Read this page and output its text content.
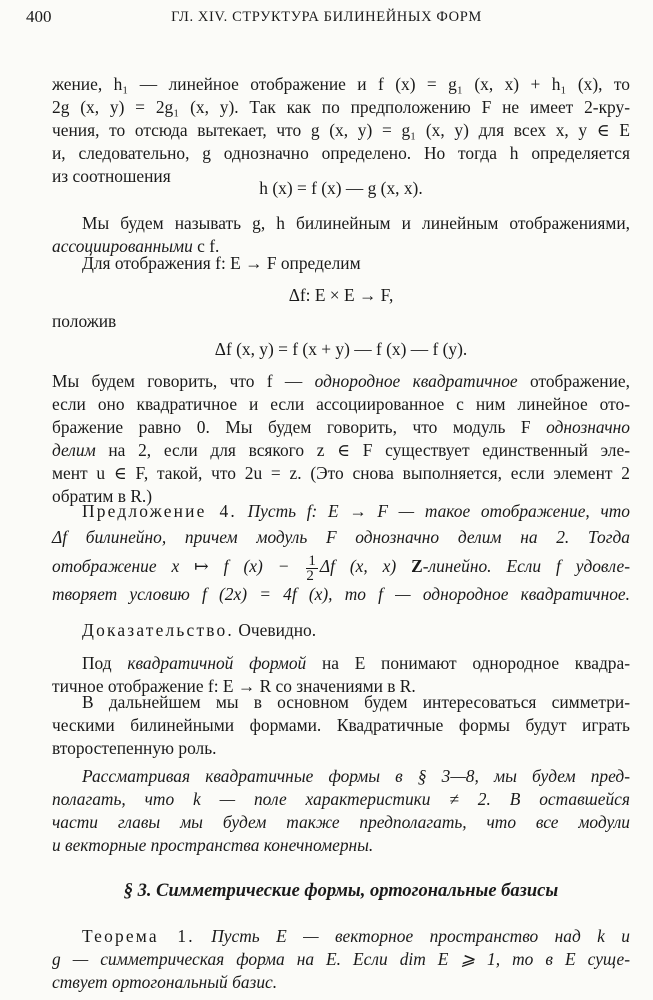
400	ГЛ. XIV. СТРУКТУРА БИЛИНЕЙНЫХ ФОРМ
жение, h₁ — линейное отображение и f (x) = g₁ (x, x) + h₁ (x), то
2g (x, y) = 2g₁ (x, y). Так как по предположению F не имеет 2-кру-
чения, то отсюда вытекает, что g (x, y) = g₁ (x, y) для всех x, y ∈ E
и, следовательно, g однозначно определено. Но тогда h определяется
из соотношения
h (x) = f (x) — g (x, x).
Мы будем называть g, h билинейным и линейным отображениями,
ассоциированными с f.
Для отображения f: E → F определим
Δf: E × E → F,
положив
Δf (x, y) = f (x + y) — f (x) — f (y).
Мы будем говорить, что f — однородное квадратичное отображение,
если оно квадратичное и если ассоциированное с ним линейное ото-
бражение равно 0. Мы будем говорить, что модуль F однозначно
делим на 2, если для всякого z ∈ F существует единственный эле-
мент u ∈ F, такой, что 2u = z. (Это снова выполняется, если элемент 2
обратим в R.)
Предложение 4. Пусть f: E → F — такое отображение, что
Δf билинейно, причем модуль F однозначно делим на 2. Тогда
отображение x ↦ f $(x) - \frac{1}{2}$ Δf (x, x) Z-линейно. Если f удовле-
творяет условию f (2x) = 4f (x), то f — однородное квадратичное.
Доказательство. Очевидно.
Под квадратичной формой на E понимают однородное квадра-
тичное отображение f: E → R со значениями в R.
В дальнейшем мы в основном будем интересоваться симметри-
ческими билинейными формами. Квадратичные формы будут играть
второстепенную роль.
Рассматривая квадратичные формы в § 3—8, мы будем пред-
полагать, что k — поле характеристики ≠ 2. В оставшейся
части главы мы будем также предполагать, что все модули
и векторные пространства конечномерны.
§ 3. Симметрические формы, ортогональные базисы
Теорема 1. Пусть E — векторное пространство над k и
g — симметрическая форма на E. Если dim E ⩾ 1, то в E суще-
ствует ортогональный базис.
